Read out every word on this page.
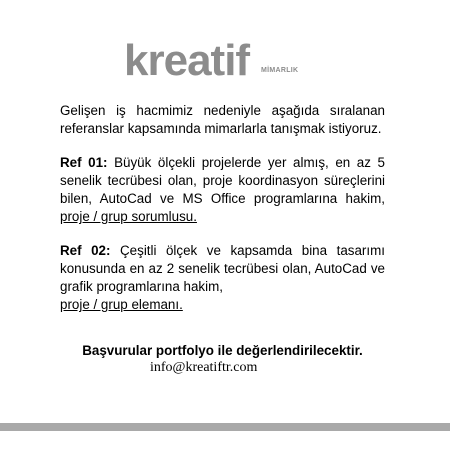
kreatif MİMARLIK

Gelişen iş hacmimiz nedeniyle aşağıda sıralanan referanslar kapsamında mimarlarla tanışmak istiyoruz.

Ref 01: Büyük ölçekli projelerde yer almış, en az 5 senelik tecrübesi olan, proje koordinasyon süreçlerini bilen, AutoCad ve MS Office programlarına hakim, proje / grup sorumlusu.

Ref 02: Çeşitli ölçek ve kapsamda bina tasarımı konusunda en az 2 senelik tecrübesi olan, AutoCad ve grafik programlarına hakim,
proje / grup elemanı.

Başvurular portfolyo ile değerlendirilecektir.
info@kreatiftr.com
